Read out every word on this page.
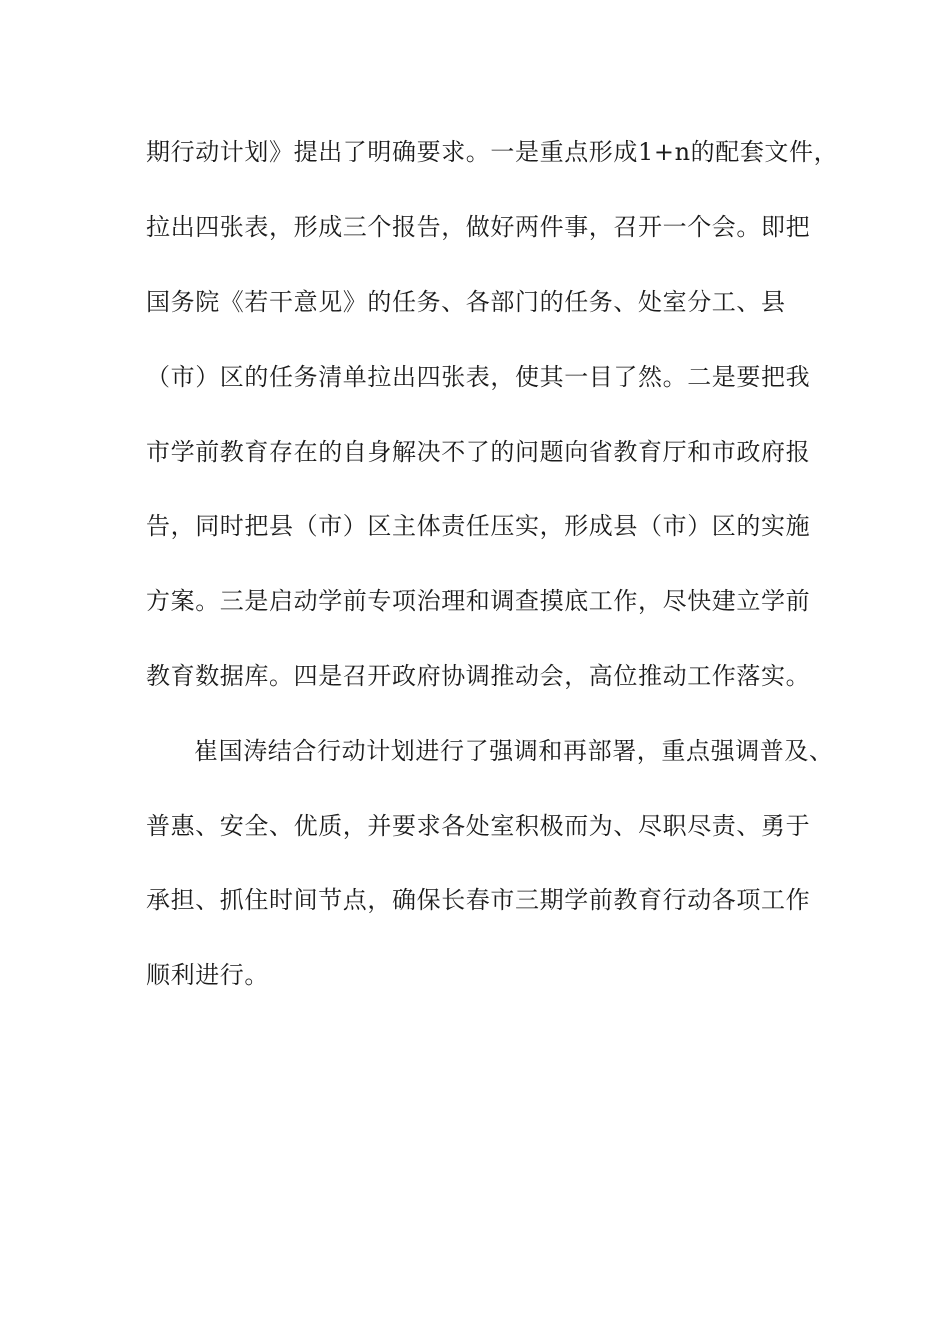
期行动计划》提出了明确要求。一是重点形成1+n的配套文件，
拉出四张表，形成三个报告，做好两件事，召开一个会。即把
国务院《若干意见》的任务、各部门的任务、处室分工、县
（市）区的任务清单拉出四张表，使其一目了然。二是要把我
市学前教育存在的自身解决不了的问题向省教育厅和市政府报
告，同时把县（市）区主体责任压实，形成县（市）区的实施
方案。三是启动学前专项治理和调查摸底工作，尽快建立学前
教育数据库。四是召开政府协调推动会，高位推动工作落实。
崔国涛结合行动计划进行了强调和再部署，重点强调普及、
普惠、安全、优质，并要求各处室积极而为、尽职尽责、勇于
承担、抓住时间节点，确保长春市三期学前教育行动各项工作
顺利进行。
